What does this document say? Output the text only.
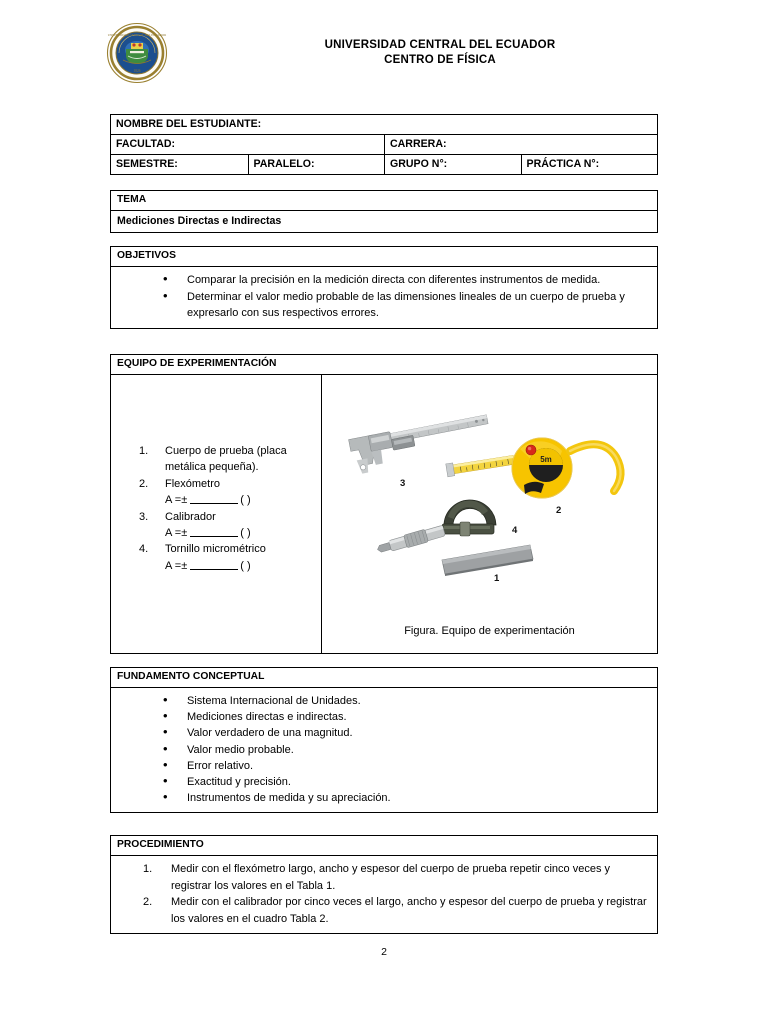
UNIVERSIDAD CENTRAL DEL ECUADOR
1826
UNIVERSIDAD CENTRAL DEL ECUADOR
CENTRO DE FÍSICA
NOMBRE DEL ESTUDIANTE:
FACULTAD:	CARRERA:
SEMESTRE:	PARALELO:	GRUPO N°:	PRÁCTICA N°:
TEMA
Mediciones Directas e Indirectas
OBJETIVOS
• Comparar la precisión en la medición directa con diferentes instrumentos de medida.
• Determinar el valor medio probable de las dimensiones lineales de un cuerpo de prueba y expresarlo con sus respectivos errores.
EQUIPO DE EXPERIMENTACIÓN
1. Cuerpo de prueba (placa metálica pequeña).
2. Flexómetro
A =±	( )
3. Calibrador
A =±	( )
4. Tornillo micrométrico
A =±	( )
3
5m
2
4
1
Figura. Equipo de experimentación
FUNDAMENTO CONCEPTUAL
• Sistema Internacional de Unidades.
• Mediciones directas e indirectas.
• Valor verdadero de una magnitud.
• Valor medio probable.
• Error relativo.
• Exactitud y precisión.
• Instrumentos de medida y su apreciación.
PROCEDIMIENTO
Medir con el flexómetro largo, ancho y espesor del cuerpo de prueba repetir cinco veces y registrar los valores en el Tabla 1.
Medir con el calibrador por cinco veces el largo, ancho y espesor del cuerpo de prueba y registrar los valores en el cuadro Tabla 2.
2
